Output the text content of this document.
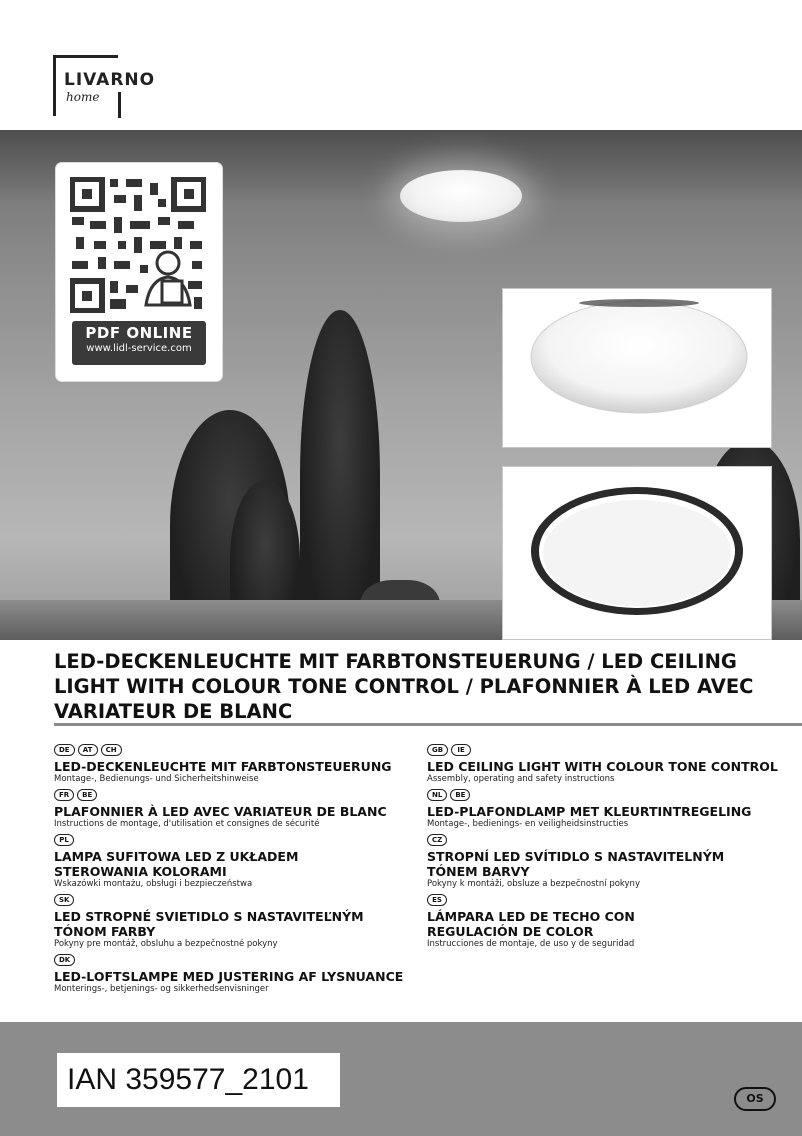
LIVARNO
home
PDF ONLINE
www.lidl-service.com
LED-DECKENLEUCHTE MIT FARBTONSTEUERUNG / LED CEILING LIGHT WITH COLOUR TONE CONTROL / PLAFONNIER À LED AVEC VARIATEUR DE BLANC
DE	AT	CH
LED-DECKENLEUCHTE MIT FARBTONSTEUERUNG
Montage-, Bedienungs- und Sicherheitshinweise
FR	BE
PLAFONNIER À LED AVEC VARIATEUR DE BLANC
Instructions de montage, d'utilisation et consignes de sécurité
PL
LAMPA SUFITOWA LED Z UKŁADEM
STEROWANIA KOLORAMI
Wskazówki montażu, obsługi i bezpieczeństwa
SK
LED STROPNÉ SVIETIDLO S NASTAVITEĽNÝM
TÓNOM FARBY
Pokyny pre montáž, obsluhu a bezpečnostné pokyny
DK
LED-LOFTSLAMPE MED JUSTERING AF LYSNUANCE
Monterings-, betjenings- og sikkerhedsenvisninger
GB	IE
LED CEILING LIGHT WITH COLOUR TONE CONTROL
Assembly, operating and safety instructions
NL	BE
LED-PLAFONDLAMP MET KLEURTINTREGELING
Montage-, bedienings- en veiligheidsinstructies
CZ
STROPNÍ LED SVÍTIDLO S NASTAVITELNÝM
TÓNEM BARVY
Pokyny k montáži, obsluze a bezpečnostní pokyny
ES
LÁMPARA LED DE TECHO CON
REGULACIÓN DE COLOR
Instrucciones de montaje, de uso y de seguridad
IAN 359577_2101
OS
